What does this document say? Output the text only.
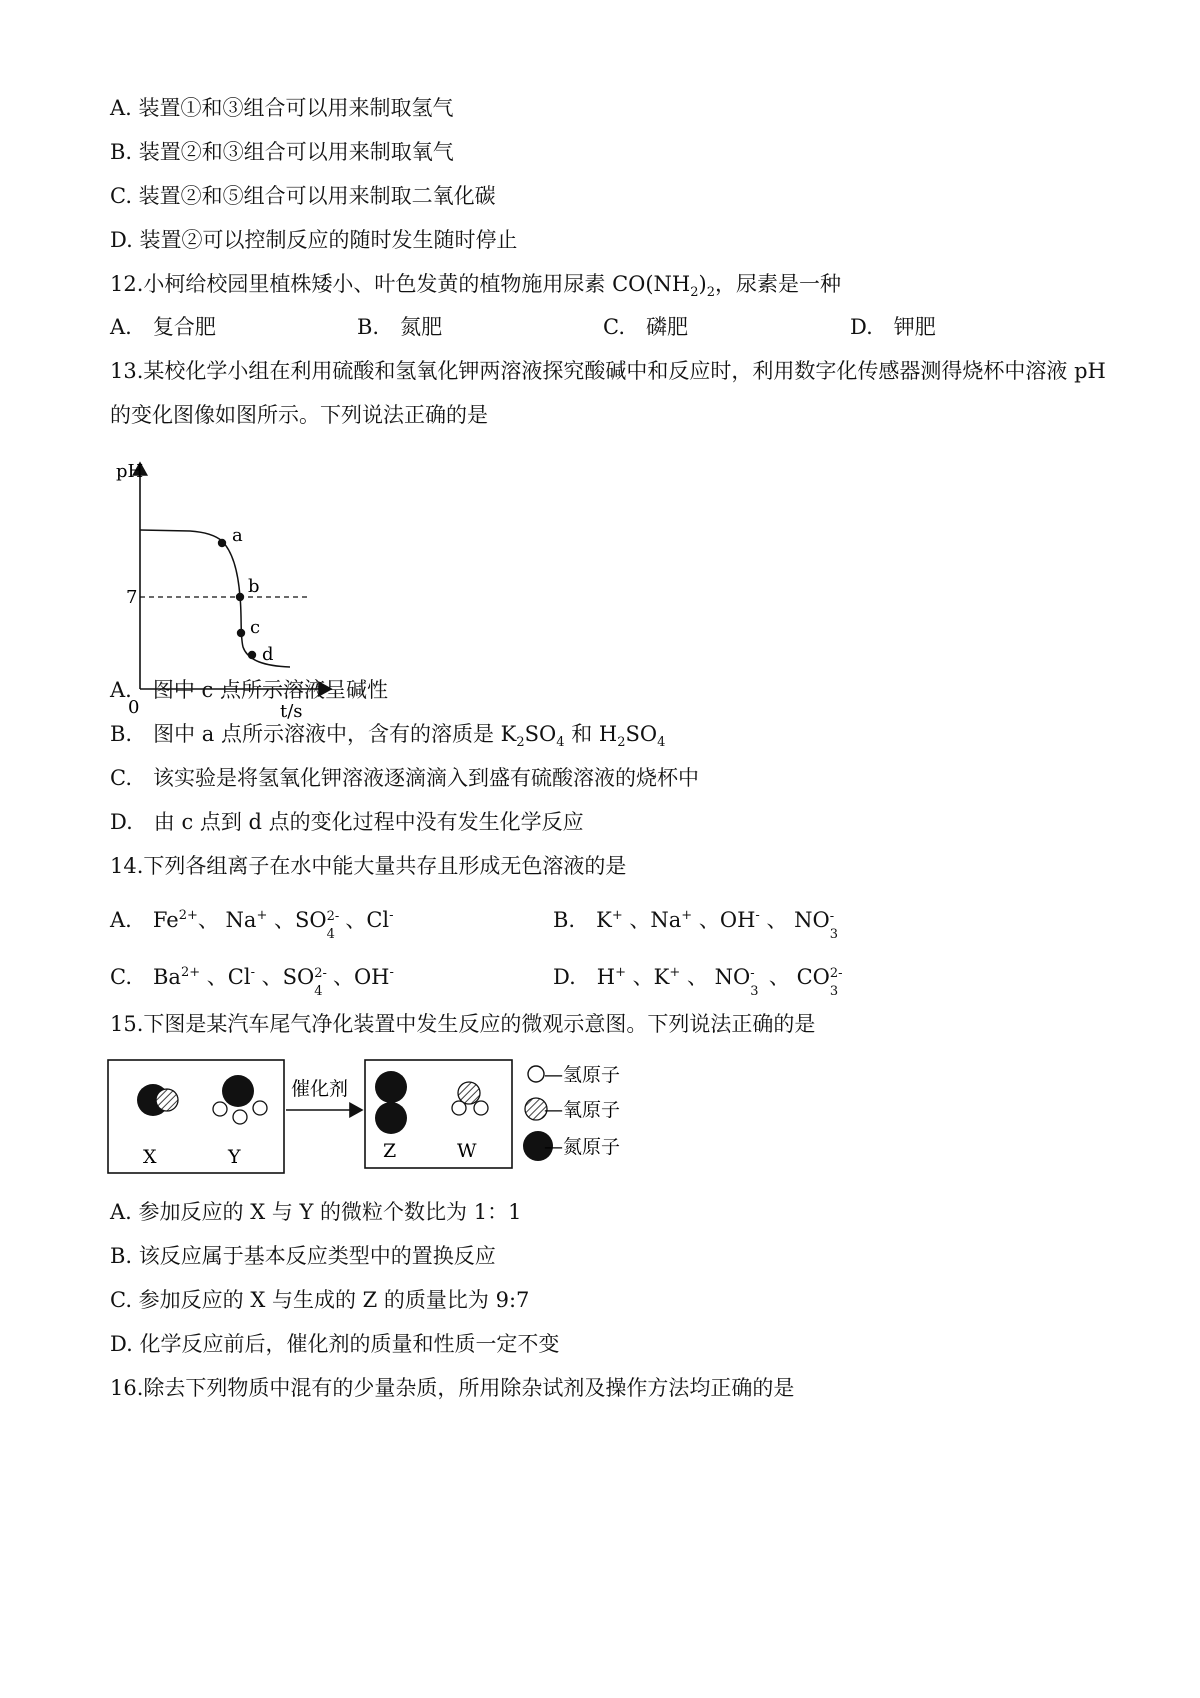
A. 装置①和③组合可以用来制取氢气
B. 装置②和③组合可以用来制取氧气
C. 装置②和⑤组合可以用来制取二氧化碳
D. 装置②可以控制反应的随时发生随时停止
12.小柯给校园里植株矮小、叶色发黄的植物施用尿素 $CO(NH_2)_2$，尿素是一种
A.　复合肥	B.　氮肥	C.　磷肥	D.　钾肥
13.某校化学小组在利用硫酸和氢氧化钾两溶液探究酸碱中和反应时，利用数字化传感器测得烧杯中溶液 pH
的变化图像如图所示。下列说法正确的是
a
b
c
d
pH
7
0	t/s
A.　图中 c 点所示溶液呈碱性
B.　图中 a 点所示溶液中，含有的溶质是 $K_2SO_4$ 和 $H_2SO_4$
C.　该实验是将氢氧化钾溶液逐滴滴入到盛有硫酸溶液的烧杯中
D.　由 c 点到 d 点的变化过程中没有发生化学反应
14.下列各组离子在水中能大量共存且形成无色溶液的是
A.　 $Fe^{2+}$、 Na+ 、SO 2-
4
、Cl-	B.　 K+ 、Na+ 、OH- 、 NO -
3
C.　 $Ba^{2+}$ 、Cl- 、SO 2-
4
、OH-	D.　 H+ 、K+ 、 NO -
3
、 CO 2-
3
15.下图是某汽车尾气净化装置中发生反应的微观示意图。下列说法正确的是
X	Y
催化剂
Z	W
—氢原子
—氧原子
—氮原子
A. 参加反应的 X 与 Y 的微粒个数比为 1：1
B. 该反应属于基本反应类型中的置换反应
C. 参加反应的 X 与生成的 Z 的质量比为 9:7
D. 化学反应前后，催化剂的质量和性质一定不变
16.除去下列物质中混有的少量杂质，所用除杂试剂及操作方法均正确的是
